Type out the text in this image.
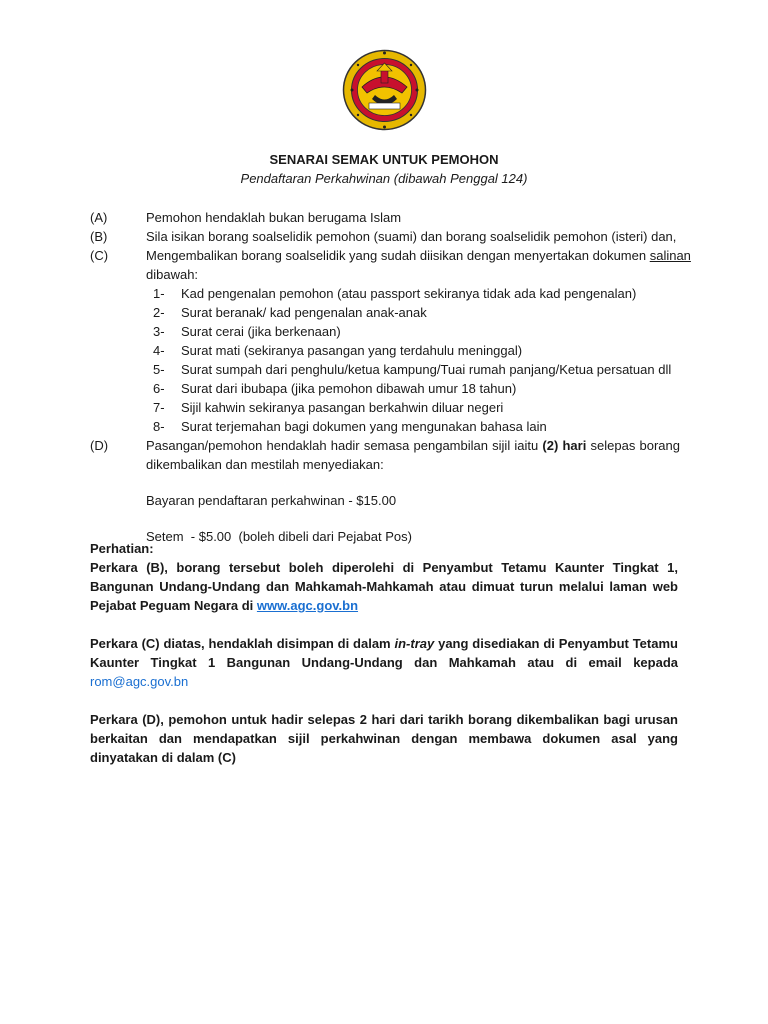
SENARAI SEMAK UNTUK PEMOHON
Pendaftaran Perkahwinan (dibawah Penggal 124)
(A)	Pemohon hendaklah bukan berugama Islam
(B)	Sila isikan borang soalselidik pemohon (suami) dan borang soalselidik pemohon (isteri) dan,
(C)	Mengembalikan borang soalselidik yang sudah diisikan dengan menyertakan dokumen salinan
dibawah:
1-	Kad pengenalan pemohon (atau passport sekiranya tidak ada kad pengenalan)
2-	Surat beranak/ kad pengenalan anak-anak
3-	Surat cerai (jika berkenaan)
4-	Surat mati (sekiranya pasangan yang terdahulu meninggal)
5-	Surat sumpah dari penghulu/ketua kampung/Tuai rumah panjang/Ketua persatuan dll
6-	Surat dari ibubapa (jika pemohon dibawah umur 18 tahun)
7-	Sijil kahwin sekiranya pasangan berkahwin diluar negeri
8-	Surat terjemahan bagi dokumen yang mengunakan bahasa lain
(D)	Pasangan/pemohon hendaklah hadir semasa pengambilan sijil iaitu (2) hari selepas borang dikembalikan dan mestilah menyediakan:
Bayaran pendaftaran perkahwinan - $15.00
Setem  - $5.00  (boleh dibeli dari Pejabat Pos)
Perhatian:

Perkara (B), borang tersebut boleh diperolehi di Penyambut Tetamu Kaunter Tingkat 1, Bangunan Undang-Undang dan Mahkamah-Mahkamah atau dimuat turun melalui laman web Pejabat Peguam Negara di www.agc.gov.bn

Perkara (C) diatas, hendaklah disimpan di dalam in-tray yang disediakan di Penyambut Tetamu Kaunter Tingkat 1 Bangunan Undang-Undang dan Mahkamah atau di email kepada rom@agc.gov.bn

Perkara (D), pemohon untuk hadir selepas 2 hari dari tarikh borang dikembalikan bagi urusan berkaitan dan mendapatkan sijil perkahwinan dengan membawa dokumen asal yang dinyatakan di dalam (C)
